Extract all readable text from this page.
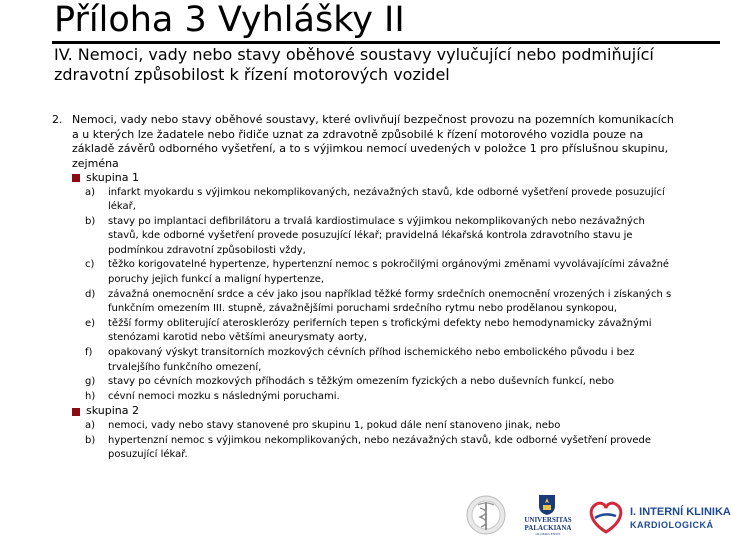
Příloha 3 Vyhlášky II

IV. Nemoci, vady nebo stavy oběhové soustavy vylučující nebo podmiňující zdravotní způsobilost k řízení motorových vozidel

2. Nemoci, vady nebo stavy oběhové soustavy, které ovlivňují bezpečnost provozu na pozemních komunikacích a u kterých lze žadatele nebo řidiče uznat za zdravotně způsobilé k řízení motorového vozidla pouze na základě závěrů odborného vyšetření, a to s výjimkou nemocí uvedených v položce 1 pro příslušnou skupinu, zejména
skupina 1
a)	infarkt myokardu s výjimkou nekomplikovaných, nezávažných stavů, kde odborné vyšetření provede posuzující lékař,
b)	stavy po implantaci defibrilátoru a trvalá kardiostimulace s výjimkou nekomplikovaných nebo nezávažných stavů, kde odborné vyšetření provede posuzující lékař; pravidelná lékařská kontrola zdravotního stavu je podmínkou zdravotní způsobilosti vždy,
c)	těžko korigovatelné hypertenze, hypertenzní nemoc s pokročilými orgánovými změnami vyvolávajícími závažné poruchy jejich funkcí a maligní hypertenze,
d)	závažná onemocnění srdce a cév jako jsou například těžké formy srdečních onemocnění vrozených i získaných s funkčním omezením III. stupně, závažnějšími poruchami srdečního rytmu nebo prodělanou synkopou,
e)	těžší formy obliterující aterosklerózy periferních tepen s trofickými defekty nebo hemodynamicky závažnými stenózami karotid nebo většími aneurysmaty aorty,
f)	opakovaný výskyt transitorních mozkových cévních příhod ischemického nebo embolického původu i bez trvalejšího funkčního omezení,
g)	stavy po cévních mozkových příhodách s těžkým omezením fyzických a nebo duševních funkcí, nebo
h)	cévní nemoci mozku s následnými poruchami.
skupina 2
a)	nemoci, vady nebo stavy stanovené pro skupinu 1, pokud dále není stanoveno jinak, nebo
b)	hypertenzní nemoc s výjimkou nekomplikovaných, nebo nezávažných stavů, kde odborné vyšetření provede posuzující lékař.
UNIVERSITAS
PALACKIANA
OLOMUCENSIS
I. INTERNÍ KLINIKA
KARDIOLOGICKÁ
